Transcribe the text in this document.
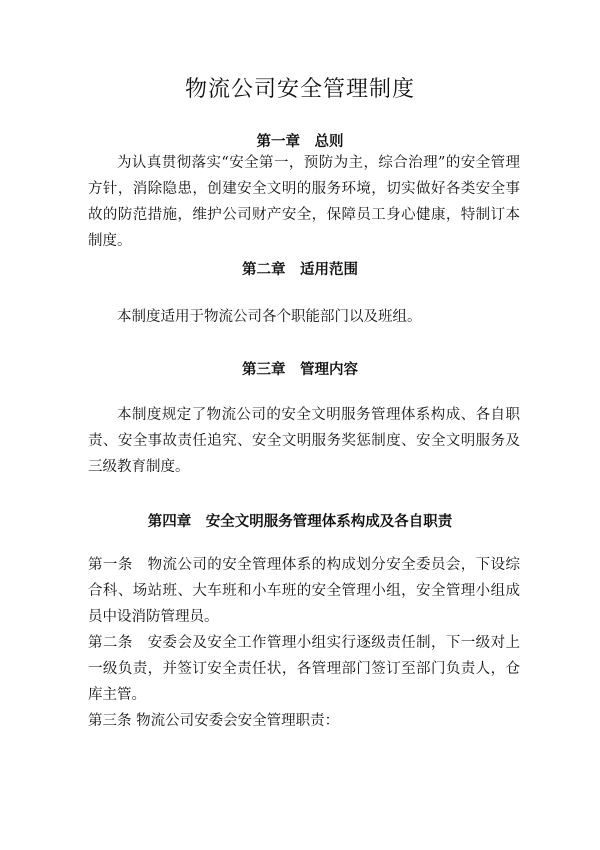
物流公司安全管理制度
第一章　总则
为认真贯彻落实“安全第一，预防为主，综合治理”的安全管理方针，消除隐患，创建安全文明的服务环境，切实做好各类安全事故的防范措施，维护公司财产安全，保障员工身心健康，特制订本制度。
第二章　适用范围
本制度适用于物流公司各个职能部门以及班组。
第三章　管理内容
本制度规定了物流公司的安全文明服务管理体系构成、各自职责、安全事故责任追究、安全文明服务奖惩制度、安全文明服务及三级教育制度。
第四章　安全文明服务管理体系构成及各自职责
第一条　物流公司的安全管理体系的构成划分安全委员会，下设综合科、场站班、大车班和小车班的安全管理小组，安全管理小组成员中设消防管理员。
第二条　安委会及安全工作管理小组实行逐级责任制，下一级对上一级负责，并签订安全责任状，各管理部门签订至部门负责人，仓库主管。
第三条 物流公司安委会安全管理职责：
